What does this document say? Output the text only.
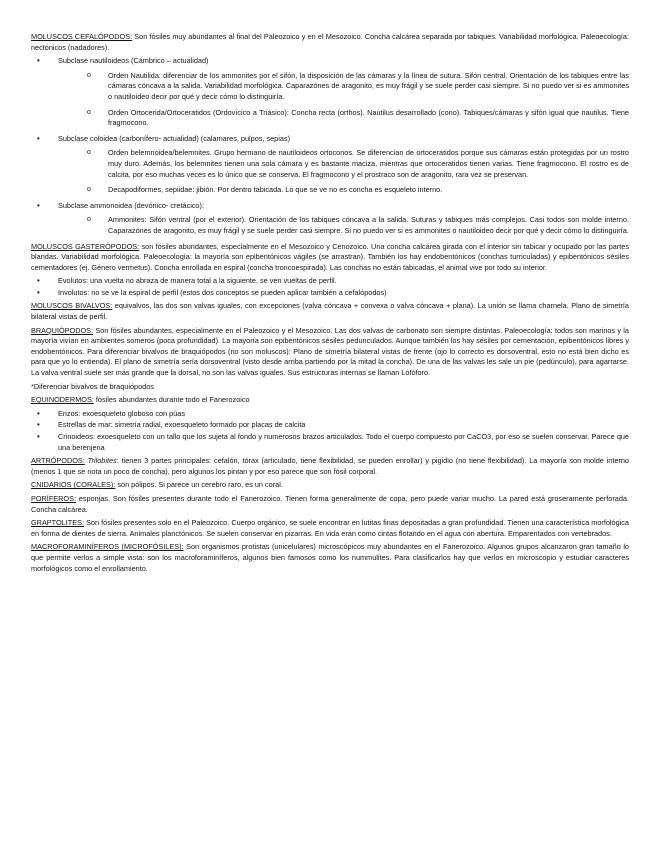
MOLUSCOS CEFALÓPODOS: Son fósiles muy abundantes al final del Paleozoico y en el Mesozoico. Concha calcárea separada por tabiques. Variabilidad morfológica. Paleoecología: nectónicos (nadadores).

• Subclase nautiloideos (Cámbrico – actualidad)
o Orden Nautilida: diferenciar de los ammonites por el sifón, la disposición de las cámaras y la línea de sutura. Sifón central. Orientación de los tabiques entre las cámaras cóncava a la salida. Variabilidad morfológica. Caparazónes de aragonito, es muy frágil y se suele perder casi siempre. Si no puedo ver si es ammonites o nautiloideo decir por qué y decir cómo lo distinguiría.
o Orden Ortocerida/Ortoceratidos (Ordovícico a Triásico): Concha recta (orthos). Nautilus desarrollado (cono). Tabiques/cámaras y sifón igual que nautilus. Tiene fragmocono.
• Subclase coloidea (carbonífero- actualidad) (calamares, pulpos, sepias)
o Orden belemnoidea/belemnites. Grupo hermano de nautiloideos ortoconos. Se diferencian de ortoceratidos porque sus cámaras están protegidas por un rostro muy duro. Además, los belemnites tienen una sola cámara y es bastante maciza, mientras que ortoceratidos tienen varias. Tiene fragmocono. El rostro es de calcita, por eso muchas veces es lo único que se conserva. El fragmocono y el prostraco son de aragonito, rara vez se preservan.
o Decapodiformes, sepiidae: jibión. Por dentro tabicada. Lo que se ve no es concha es esqueleto interno.
• Subclase ammonoidea (devónico- cretácico):
o Ammonites: Sifón ventral (por el exterior). Orientación de los tabiques cóncava a la salida. Suturas y tabiques más complejos. Casi todos son molde interno. Caparazónes de aragonito, es muy frágil y se suele perder casi siempre. Si no puedo ver si es ammonites o nautiloideo decir por qué y decir cómo lo distinguiría.

MOLUSCOS GASTERÓPODOS: son fósiles abundantes, especialmente en el Mesozoico y Cenozoico. Una concha calcárea girada con el interior sin tabicar y ocupado por las partes blandas. Variabilidad morfológica. Paleoecología: la mayoría son epibentónicos vágiles (se arrastran). También los hay endobentónicos (conchas turriculadas) y epibentónicos sésiles cementadores (ej. Género vermetus). Concha enrollada en espiral (concha troncoespirada). Las conchas no están tabicadas, el animal vive por todo su interior.

• Evolutos: una vuelta no abraza de manera total a la siguiente, se ven vueltas de perfil.
• Involutos: no se ve la espiral de perfil (estos dos conceptos se pueden aplicar también a cefalópodos)

MOLUSCOS BIVALVOS: equivalvos, las dos son valvas iguales, con excepciones (valva cóncava + convexa o valva cóncava + plana). La unión se llama charnela. Plano de simetría bilateral vistas de perfil.

BRAQUIÓPODOS: Son fósiles abundantes, especialmente en el Paleozoico y el Mesozoico. Las dos valvas de carbonato son siempre distintas. Paleoecología: todos son marinos y la mayoría vivían en ambientes someros (poca profundidad). La mayoría son epibentónicos sésiles pedunculados. Aunque también los hay sésiles por cementación, epibentónicos libres y endobentónicos. Para diferenciar bivalvos de braquiópodos (no son moluscos): Plano de simetría bilateral vistas de frente (ojo lo correcto es dorsoventral, esto no está bien dicho es para que yo lo entienda). El plano de simetría sería dorsoventral (visto desde arriba partiendo por la mitad la concha). De una de las valvas les sale un pie (pedúnculo), para agarrarse. La valva ventral suele ser más grande que la dorsal, no son las valvas iguales. Sus estructuras internas se llaman Lofóforo.

*Diferenciar bivalvos de braquiópodos

EQUINODERMOS: fósiles abundantes durante todo el Fanerozoico

• Erizos: exoesqueleto globoso con púas
• Estrellas de mar: simetría radial, exoesqueleto formado por placas de calcita
• Crinoideos: exoesqueleto con un tallo que los sujeta al fondo y numerosos brazos articulados. Todo el cuerpo compuesto por CaCO3, por eso se suelen conservar. Parece que una berenjena

ARTRÓPODOS: Trilobites: tienen 3 partes principales: cefalón, tórax (articulado, tiene flexibilidad, se pueden enrollar) y pigidio (no tiene flexibilidad). La mayoría son molde interno (menos 1 que se nota un poco de concha), pero algunos los pintan y por eso parece que son fósil corporal.

CNIDARIOS (CORALES): son pólipos. Si parece un cerebro raro, es un coral.

PORÍFEROS: esponjas. Son fósiles presentes durante todo el Fanerozoico. Tienen forma generalmente de copa, pero puede variar mucho. La pared está groseramente perforada. Concha calcárea.

GRAPTOLITES: Son fósiles presentes solo en el Paleozoico. Cuerpo orgánico, se suele encontrar en lutitas finas depositadas a gran profundidad. Tienen una característica morfológica en forma de dientes de sierra. Animales planctónicos. Se suelen conservar en pizarras. En vida eran como cintas flotando en el agua con abertura. Emparentados con vertebrados.

MACROFORAMINÍFEROS (MICROFÓSILES): Son organismos protistas (unicelulares) microscópicos muy abundantes en el Fanerozoico. Algunos grupos alcanzaron gran tamaño lo que permite verlos a simple vista: son los macroforaminíferos, algunos bien famosos como los nummulites. Para clasificarlos hay que verlos en microscopio y estudiar caracteres morfológicos como el enrollamiento.
